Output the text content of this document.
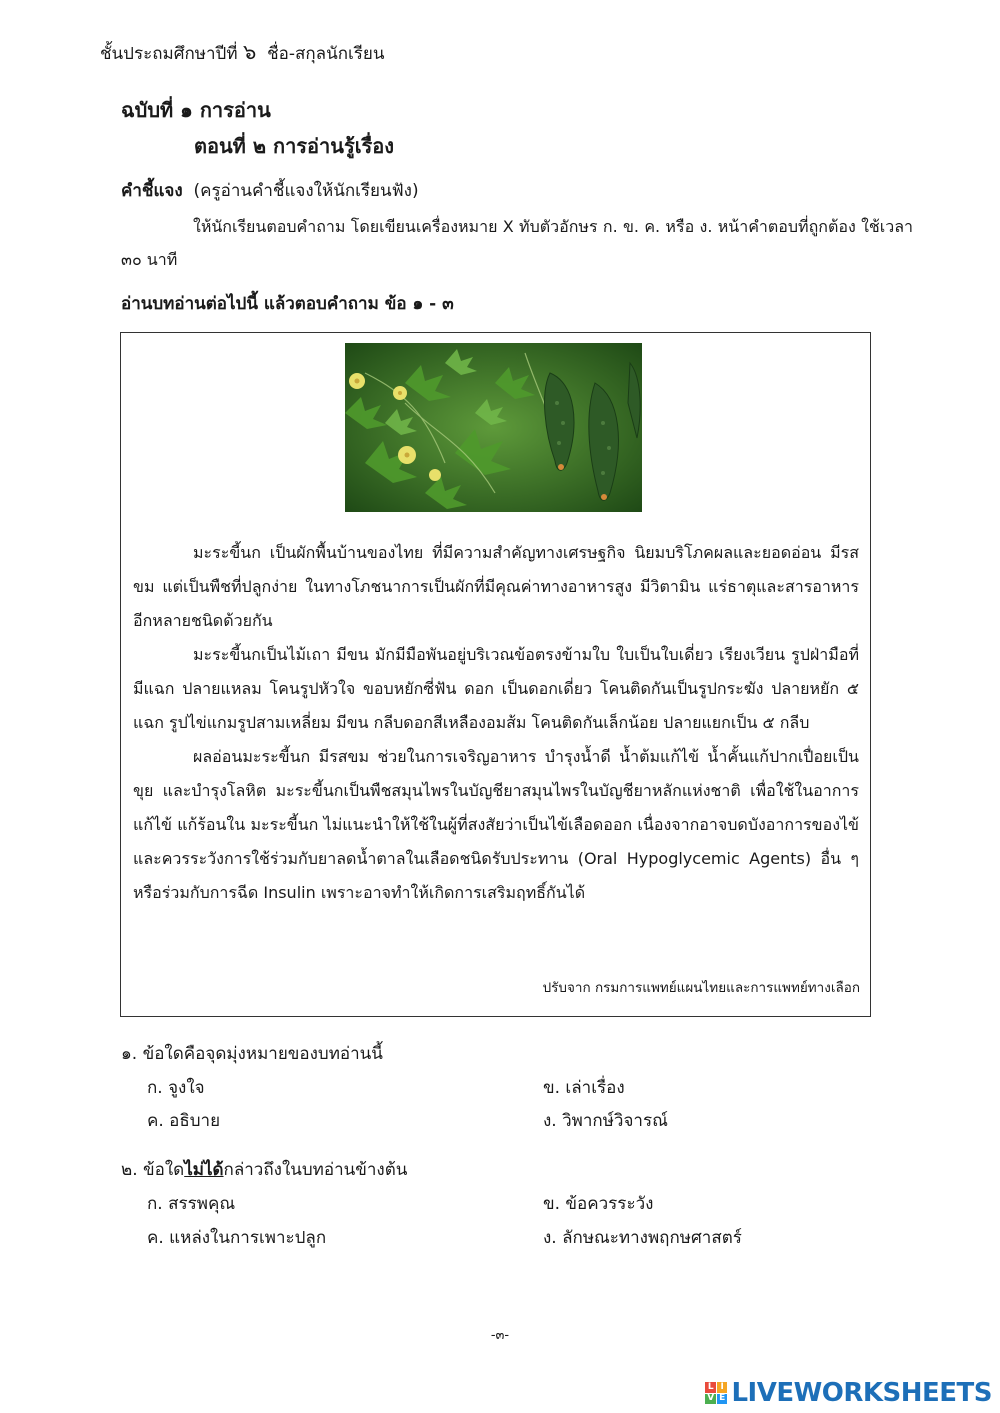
ชั้นประถมศึกษาปีที่ ๖ ชื่อ-สกุลนักเรียน
ฉบับที่ ๑ การอ่าน
ตอนที่ ๒ การอ่านรู้เรื่อง
คำชี้แจง (ครูอ่านคำชี้แจงให้นักเรียนฟัง)
ให้นักเรียนตอบคำถาม โดยเขียนเครื่องหมาย X ทับตัวอักษร ก. ข. ค. หรือ ง. หน้าคำตอบที่ถูกต้อง ใช้เวลา ๓๐ นาที
อ่านบทอ่านต่อไปนี้ แล้วตอบคำถาม ข้อ ๑ - ๓

มะระขี้นก เป็นผักพื้นบ้านของไทย ที่มีความสำคัญทางเศรษฐกิจ นิยมบริโภคผลและยอดอ่อน มีรสขม แต่เป็นพืชที่ปลูกง่าย ในทางโภชนาการเป็นผักที่มีคุณค่าทางอาหารสูง มีวิตามิน แร่ธาตุและสารอาหารอีกหลายชนิดด้วยกัน

มะระขี้นกเป็นไม้เถา มีขน มักมีมือพันอยู่บริเวณข้อตรงข้ามใบ ใบเป็นใบเดี่ยว เรียงเวียน รูปฝ่ามือที่มีแฉก ปลายแหลม โคนรูปหัวใจ ขอบหยักซี่ฟัน ดอก เป็นดอกเดี่ยว โคนติดกันเป็นรูปกระฆัง ปลายหยัก ๕ แฉก รูปไข่แกมรูปสามเหลี่ยม มีขน กลีบดอกสีเหลืองอมส้ม โคนติดกันเล็กน้อย ปลายแยกเป็น ๕ กลีบ

ผลอ่อนมะระขี้นก มีรสขม ช่วยในการเจริญอาหาร บำรุงน้ำดี น้ำต้มแก้ไข้ น้ำคั้นแก้ปากเปื่อยเป็นขุย และบำรุงโลหิต มะระขี้นกเป็นพืชสมุนไพรในบัญชียาสมุนไพรในบัญชียาหลักแห่งชาติ เพื่อใช้ในอาการแก้ไข้ แก้ร้อนใน มะระขี้นก ไม่แนะนำให้ใช้ในผู้ที่สงสัยว่าเป็นไข้เลือดออก เนื่องจากอาจบดบังอาการของไข้และควรระวังการใช้ร่วมกับยาลดน้ำตาลในเลือดชนิดรับประทาน (Oral Hypoglycemic Agents) อื่น ๆ หรือร่วมกับการฉีด Insulin เพราะอาจทำให้เกิดการเสริมฤทธิ์กันได้

ปรับจาก กรมการแพทย์แผนไทยและการแพทย์ทางเลือก
๑. ข้อใดคือจุดมุ่งหมายของบทอ่านนี้
ก. จูงใจ	ข. เล่าเรื่อง
ค. อธิบาย	ง. วิพากษ์วิจารณ์
๒. ข้อใดไม่ได้กล่าวถึงในบทอ่านข้างต้น
ก. สรรพคุณ	ข. ข้อควรระวัง
ค. แหล่งในการเพาะปลูก	ง. ลักษณะทางพฤกษศาสตร์
-๓-
L I
V E LIVEWORKSHEETS
